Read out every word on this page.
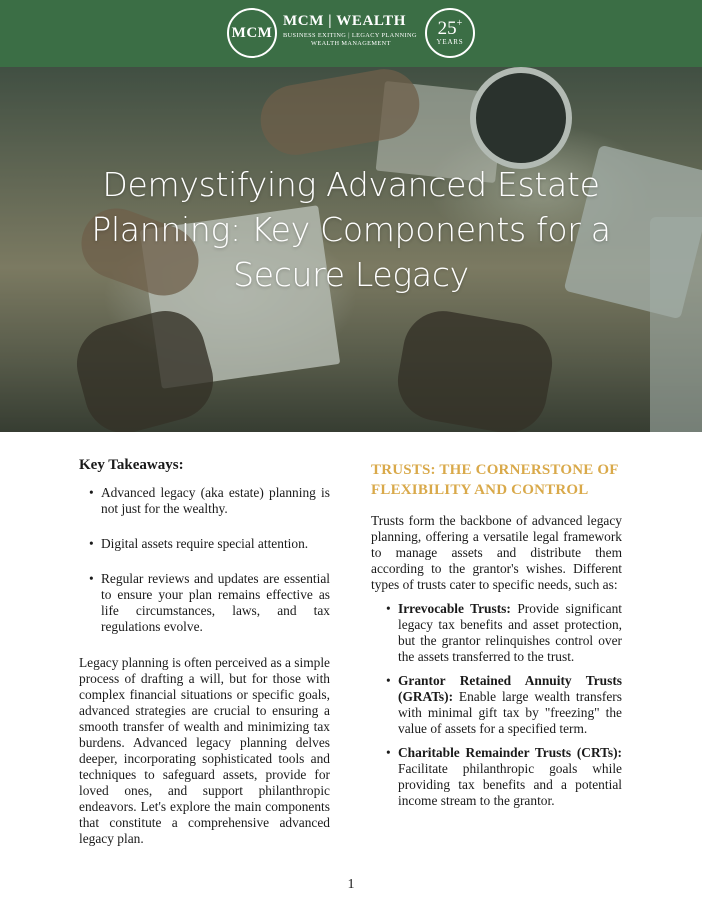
MCM
MCM | WEALTH
BUSINESS EXITING | LEGACY PLANNING
WEALTH MANAGEMENT
25+
YEARS
Demystifying Advanced Estate Planning: Key Components for a Secure Legacy
Key Takeaways:
• Advanced legacy (aka estate) planning is not just for the wealthy.
• Digital assets require special attention.
• Regular reviews and updates are essential to ensure your plan remains effective as life circumstances, laws, and tax regulations evolve.
Legacy planning is often perceived as a simple process of drafting a will, but for those with complex financial situations or specific goals, advanced strategies are crucial to ensuring a smooth transfer of wealth and minimizing tax burdens. Advanced legacy planning delves deeper, incorporating sophisticated tools and techniques to safeguard assets, provide for loved ones, and support philanthropic endeavors. Let's explore the main components that constitute a comprehensive advanced legacy plan.
TRUSTS: THE CORNERSTONE OF FLEXIBILITY AND CONTROL
Trusts form the backbone of advanced legacy planning, offering a versatile legal framework to manage assets and distribute them according to the grantor's wishes. Different types of trusts cater to specific needs, such as:
• Irrevocable Trusts: Provide significant legacy tax benefits and asset protection, but the grantor relinquishes control over the assets transferred to the trust.
• Grantor Retained Annuity Trusts (GRATs): Enable large wealth transfers with minimal gift tax by "freezing" the value of assets for a specified term.
• Charitable Remainder Trusts (CRTs): Facilitate philanthropic goals while providing tax benefits and a potential income stream to the grantor.
1
